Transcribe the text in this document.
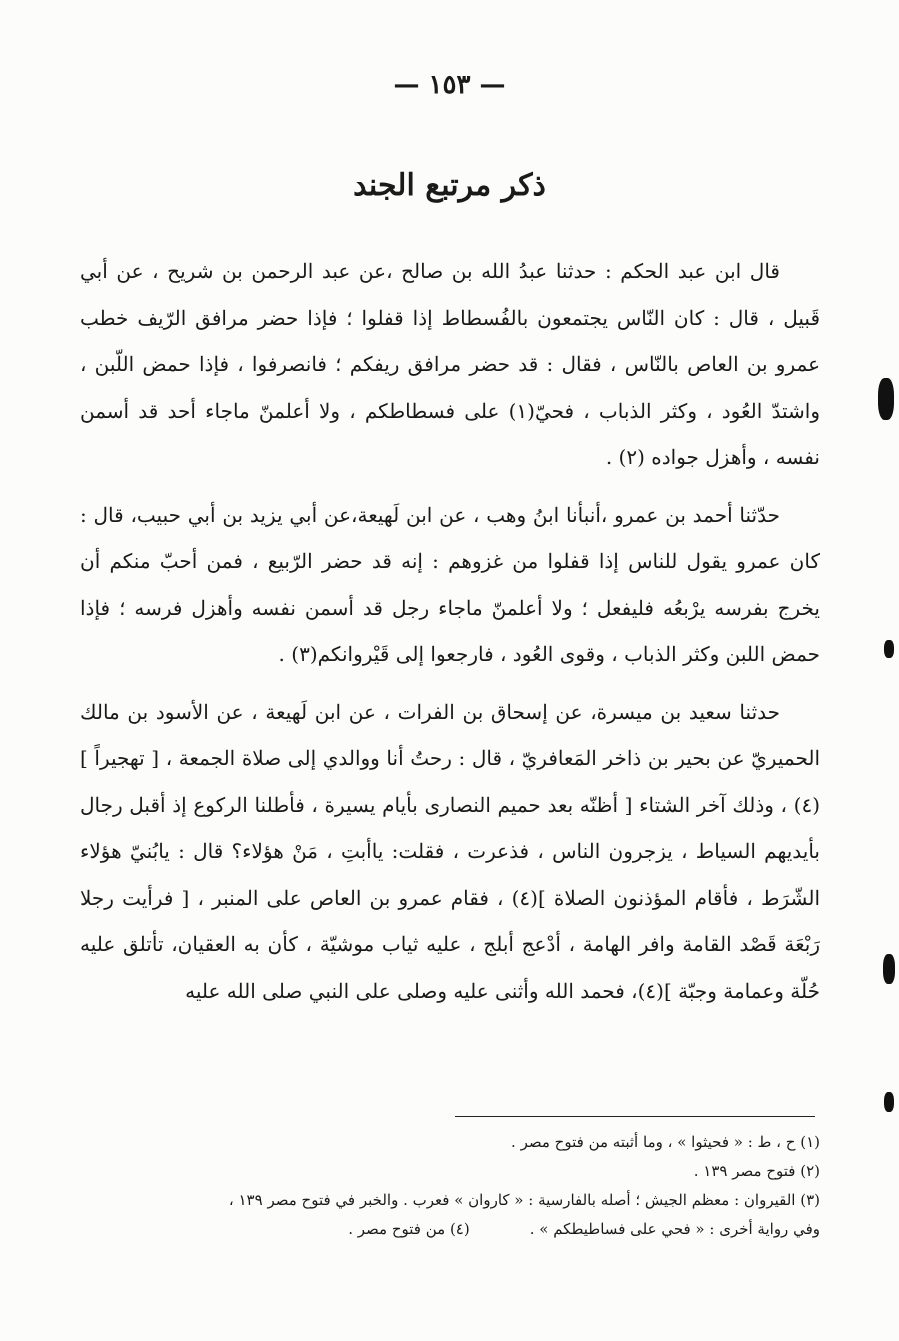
— ١٥٣ —
ذكر مرتبع الجند

قال ابن عبد الحكم : حدثنا عبدُ الله بن صالح ،عن عبد الرحمن بن شريح ، عن أبي قَبيل ، قال : كان النّاس يجتمعون بالفُسطاط إذا قفلوا ؛ فإذا حضر مرافق الرّيف خطب عمرو بن العاص بالنّاس ، فقال : قد حضر مرافق ريفكم ؛ فانصرفوا ، فإذا حمض اللّبن ، واشتدّ العُود ، وكثر الذباب ، فحيّ(١) على فسطاطكم ، ولا أعلمنّ ماجاء أحد قد أسمن نفسه ، وأهزل جواده (٢) .

حدّثنا أحمد بن عمرو ،أنبأنا ابنُ وهب ، عن ابن لَهيعة،عن أبي يزيد بن أبي حبيب، قال : كان عمرو يقول للناس إذا قفلوا من غزوهم : إنه قد حضر الرّبيع ، فمن أحبّ منكم أن يخرج بفرسه يرْبعُه فليفعل ؛ ولا أعلمنّ ماجاء رجل قد أسمن نفسه وأهزل فرسه ؛ فإذا حمض اللبن وكثر الذباب ، وقوى العُود ، فارجعوا إلى قَيْروانكم(٣) .

حدثنا سعيد بن ميسرة، عن إسحاق بن الفرات ، عن ابن لَهيعة ، عن الأسود بن مالك الحميريّ عن بحير بن ذاخر المَعافريّ ، قال : رحتُ أنا ووالدي إلى صلاة الجمعة ، [ تهجيراً ](٤) ، وذلك آخر الشتاء [ أظنّه بعد حميم النصارى بأيام يسيرة ، فأطلنا الركوع إذ أقبل رجال بأيديهم السياط ، يزجرون الناس ، فذعرت ، فقلت: ياأبتِ ، مَنْ هؤلاء؟ قال : يابُنيّ هؤلاء الشّرَط ، فأقام المؤذنون الصلاة ](٤) ، فقام عمرو بن العاص على المنبر ، [ فرأيت رجلا رَبْعَة قَصْد القامة وافر الهامة ، أدْعج أبلج ، عليه ثياب موشيّة ، كأن به العقيان، تأتلق عليه حُلّة وعمامة وجبّة ](٤)، فحمد الله وأثنى عليه وصلى على النبي صلى الله عليه

(١) ح ، ط : « فحيثوا » ، وما أثبته من فتوح مصر .
(٢) فتوح مصر ١٣٩ .
(٣) القيروان : معظم الجيش ؛ أصله بالفارسية : « كاروان » فعرب . والخبر في فتوح مصر ١٣٩ ،
وفي رواية أخرى : « فحي على فساطيطكم » .
(٤) من فتوح مصر .
